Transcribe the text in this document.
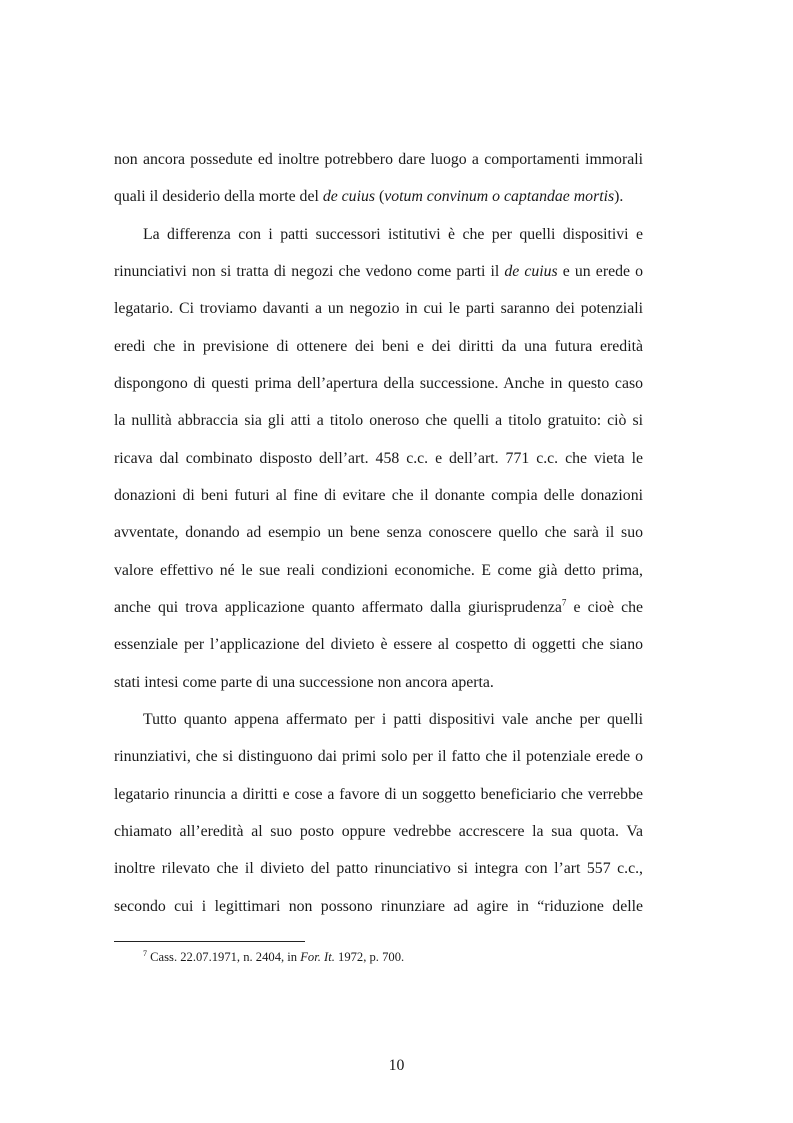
non ancora possedute ed inoltre potrebbero dare luogo a comportamenti immorali
quali il desiderio della morte del de cuius (votum convinum o captandae mortis).
La differenza con i patti successori istitutivi è che per quelli dispositivi e
rinunciativi non si tratta di negozi che vedono come parti il de cuius e un erede o
legatario. Ci troviamo davanti a un negozio in cui le parti saranno dei potenziali
eredi che in previsione di ottenere dei beni e dei diritti da una futura eredità
dispongono di questi prima dell’apertura della successione. Anche in questo caso
la nullità abbraccia sia gli atti a titolo oneroso che quelli a titolo gratuito: ciò si
ricava dal combinato disposto dell’art. 458 c.c. e dell’art. 771 c.c. che vieta le
donazioni di beni futuri al fine di evitare che il donante compia delle donazioni
avventate, donando ad esempio un bene senza conoscere quello che sarà il suo
valore effettivo né le sue reali condizioni economiche. E come già detto prima,
anche qui trova applicazione quanto affermato dalla giurisprudenza$^7$ e cioè che
essenziale per l’applicazione del divieto è essere al cospetto di oggetti che siano
stati intesi come parte di una successione non ancora aperta.
Tutto quanto appena affermato per i patti dispositivi vale anche per quelli
rinunziativi, che si distinguono dai primi solo per il fatto che il potenziale erede o
legatario rinuncia a diritti e cose a favore di un soggetto beneficiario che verrebbe
chiamato all’eredità al suo posto oppure vedrebbe accrescere la sua quota. Va
inoltre rilevato che il divieto del patto rinunciativo si integra con l’art 557 c.c.,
secondo cui i legittimari non possono rinunziare ad agire in “riduzione delle
$^7$ Cass. 22.07.1971, n. 2404, in For. It. 1972, p. 700.
10
